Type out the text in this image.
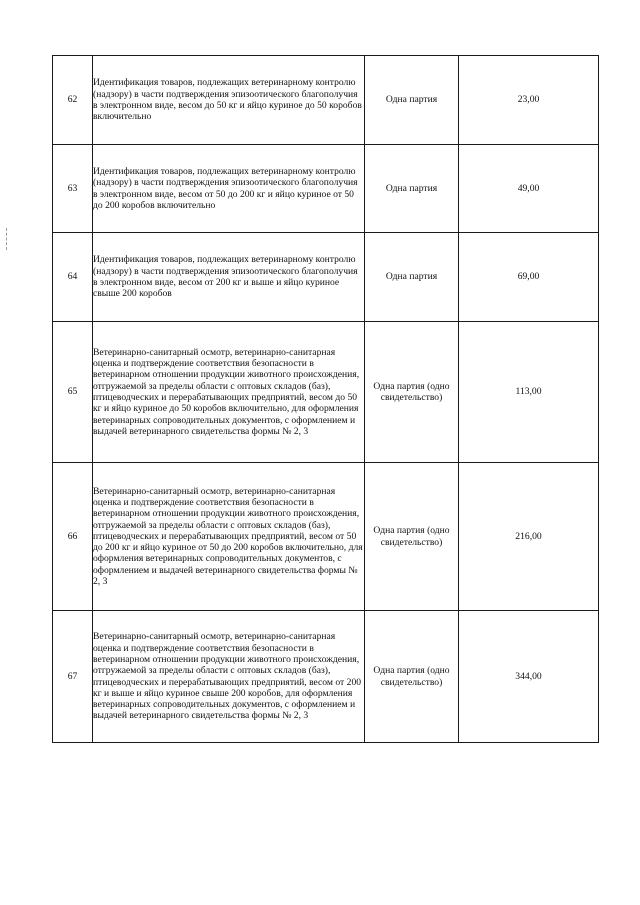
62	Идентификация товаров, подлежащих ветеринарному контролю (надзору) в части подтверждения эпизоотического благополучия в электронном виде, весом до 50 кг и яйцо куриное до 50 коробов включительно	Одна партия	23,00
63	Идентификация товаров, подлежащих ветеринарному контролю (надзору) в части подтверждения эпизоотического благополучия в электронном виде, весом от 50 до 200 кг и яйцо куриное от 50 до 200 коробов включительно	Одна партия	49,00
64	Идентификация товаров, подлежащих ветеринарному контролю (надзору) в части подтверждения эпизоотического благополучия в электронном виде, весом от 200 кг и выше и яйцо куриное свыше 200 коробов	Одна партия	69,00
65	Ветеринарно-санитарный осмотр, ветеринарно-санитарная оценка и подтверждение соответствия безопасности в ветеринарном отношении продукции животного происхождения, отгружаемой за пределы области с оптовых складов (баз), птицеводческих и перерабатывающих предприятий, весом до 50 кг и яйцо куриное до 50 коробов включительно, для оформления ветеринарных сопроводительных документов, с оформлением и выдачей ветеринарного свидетельства формы № 2, 3	Одна партия (одно свидетельство)	113,00
66	Ветеринарно-санитарный осмотр, ветеринарно-санитарная оценка и подтверждение соответствия безопасности в ветеринарном отношении продукции животного происхождения, отгружаемой за пределы области с оптовых складов (баз), птицеводческих и перерабатывающих предприятий, весом от 50 до 200 кг и яйцо куриное от 50 до 200 коробов включительно, для оформления ветеринарных сопроводительных документов, с оформлением и выдачей ветеринарного свидетельства формы № 2, 3	Одна партия (одно свидетельство)	216,00
67	Ветеринарно-санитарный осмотр, ветеринарно-санитарная оценка и подтверждение соответствия безопасности в ветеринарном отношении продукции животного происхождения, отгружаемой за пределы области с оптовых складов (баз), птицеводческих и перерабатывающих предприятий, весом от 200 кг и выше и яйцо куриное свыше 200 коробов, для оформления ветеринарных сопроводительных документов, с оформлением и выдачей ветеринарного свидетельства формы № 2, 3	Одна партия (одно свидетельство)	344,00
